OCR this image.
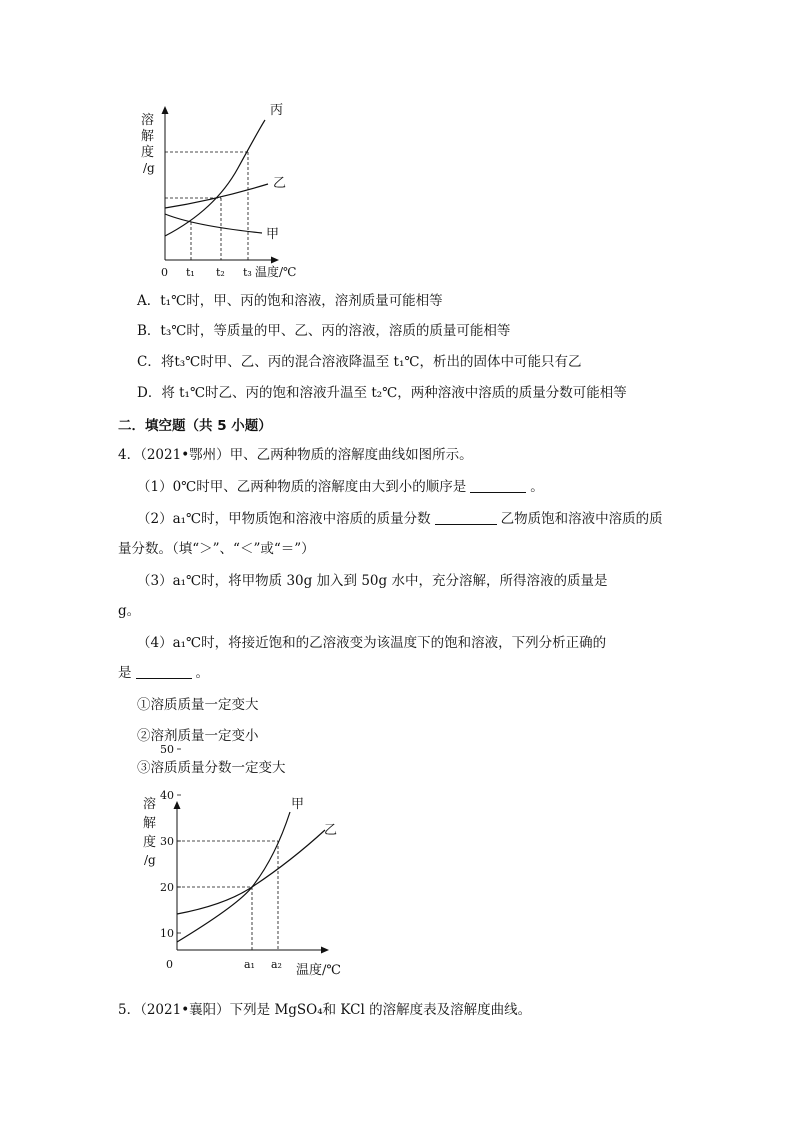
溶
解
度
/g
0 t₁ t₂ t₃ 温度/℃
丙
乙
甲
A．t₁℃时，甲、丙的饱和溶液，溶剂质量可能相等
B．t₃℃时，等质量的甲、乙、丙的溶液，溶质的质量可能相等
C．将t₃℃时甲、乙、丙的混合溶液降温至 t₁℃，析出的固体中可能只有乙
D．将 t₁℃时乙、丙的饱和溶液升温至 t₂℃，两种溶液中溶质的质量分数可能相等
二．填空题（共 5 小题）
4．（2021•鄂州）甲、乙两种物质的溶解度曲线如图所示。
（1）0℃时甲、乙两种物质的溶解度由大到小的顺序是	。
（2）a₁℃时，甲物质饱和溶液中溶质的质量分数	乙物质饱和溶液中溶质的质
量分数。（填“＞”、“＜”或“＝”）
（3）a₁℃时，将甲物质 30g 加入到 50g 水中，充分溶解，所得溶液的质量是
g。
（4）a₁℃时，将接近饱和的乙溶液变为该温度下的饱和溶液，下列分析正确的
是	。
①溶质质量一定变大
②溶剂质量一定变小
③溶质质量分数一定变大
50
40
30
20
10
溶
解
度
/g
0	a₁ a₂ 温度/℃
甲
乙
5．（2021•襄阳）下列是 MgSO₄和 KCl 的溶解度表及溶解度曲线。
